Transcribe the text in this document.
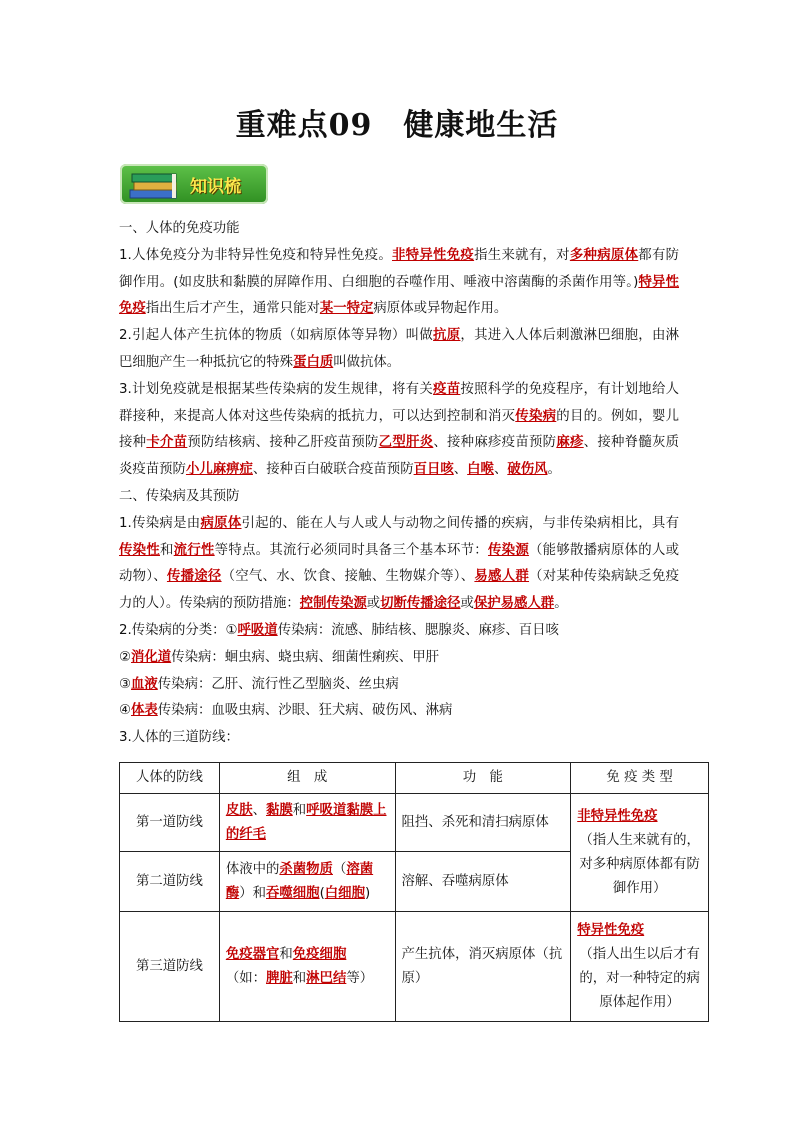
重难点09　健康地生活
知识梳

一、人体的免疫功能

1.人体免疫分为非特异性免疫和特异性免疫。非特异性免疫指生来就有，对多种病原体都有防御作用。(如皮肤和黏膜的屏障作用、白细胞的吞噬作用、唾液中溶菌酶的杀菌作用等。)特异性免疫指出生后才产生，通常只能对某一特定病原体或异物起作用。

2.引起人体产生抗体的物质（如病原体等异物）叫做抗原，其进入人体后刺激淋巴细胞，由淋巴细胞产生一种抵抗它的特殊蛋白质叫做抗体。

3.计划免疫就是根据某些传染病的发生规律，将有关疫苗按照科学的免疫程序，有计划地给人群接种，来提高人体对这些传染病的抵抗力，可以达到控制和消灭传染病的目的。例如，婴儿接种卡介苗预防结核病、接种乙肝疫苗预防乙型肝炎、接种麻疹疫苗预防麻疹、接种脊髓灰质炎疫苗预防小儿麻痹症、接种百白破联合疫苗预防百日咳、白喉、破伤风。

二、传染病及其预防

1.传染病是由病原体引起的、能在人与人或人与动物之间传播的疾病，与非传染病相比，具有传染性和流行性等特点。其流行必须同时具备三个基本环节：传染源（能够散播病原体的人或动物）、传播途径（空气、水、饮食、接触、生物媒介等）、易感人群（对某种传染病缺乏免疫力的人）。传染病的预防措施：控制传染源或切断传播途径或保护易感人群。

2.传染病的分类：①呼吸道传染病：流感、肺结核、腮腺炎、麻疹、百日咳

②消化道传染病：蛔虫病、蛲虫病、细菌性痢疾、甲肝

③血液传染病：乙肝、流行性乙型脑炎、丝虫病

④体表传染病：血吸虫病、沙眼、狂犬病、破伤风、淋病

3.人体的三道防线：

人体的防线	组　成	功　能	免 疫 类 型
第一道防线	皮肤、黏膜和呼吸道黏膜上的纤毛	阻挡、杀死和清扫病原体	非特异性免疫
（指人生来就有的，对多种病原体都有防御作用）
第二道防线	体液中的杀菌物质（溶菌酶）和吞噬细胞(白细胞)	溶解、吞噬病原体	
第三道防线	免疫器官和免疫细胞
（如：脾脏和淋巴结等）	产生抗体，消灭病原体（抗原）	特异性免疫
（指人出生以后才有的，对一种特定的病原体起作用）
